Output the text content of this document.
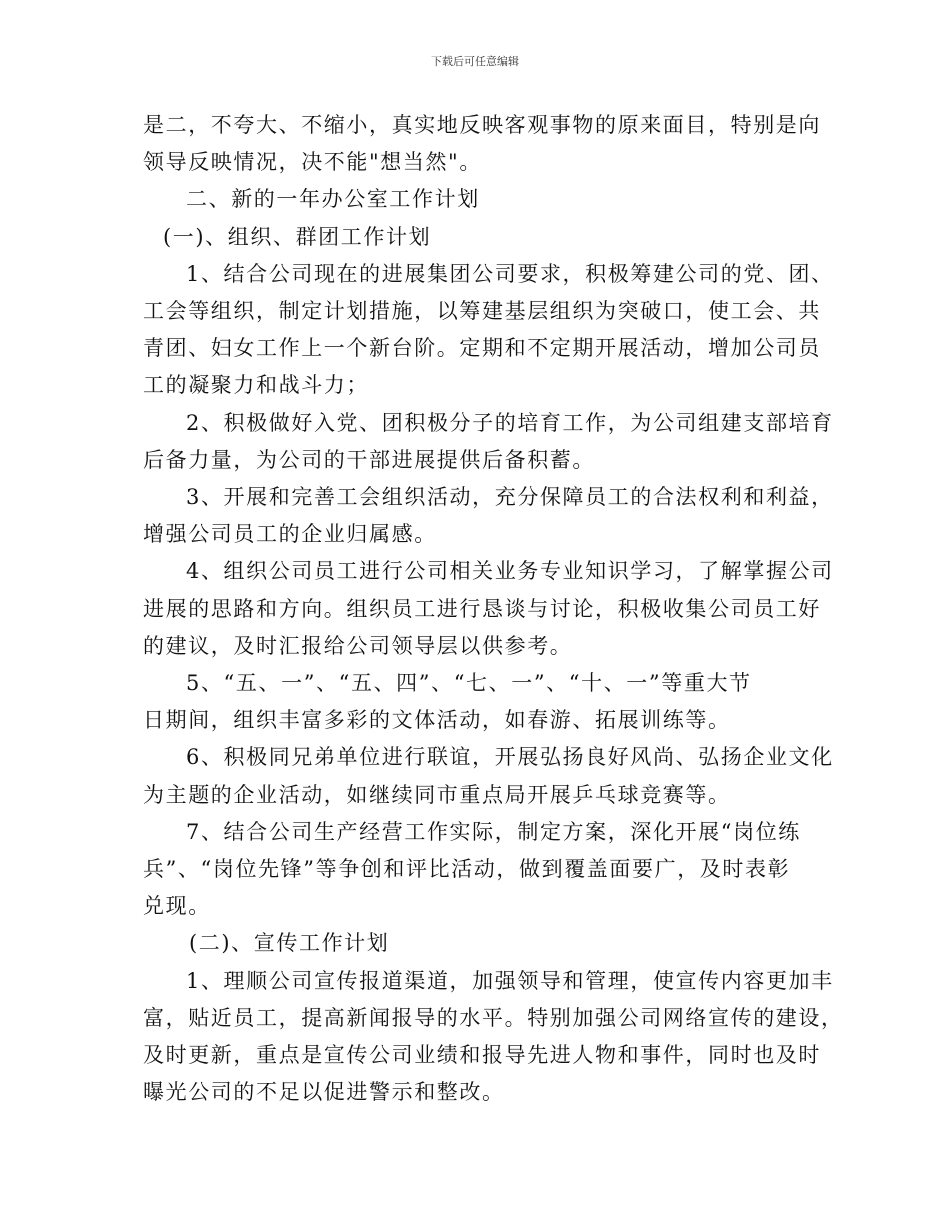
下载后可任意编辑

是二，不夸大、不缩小，真实地反映客观事物的原来面目，特别是向
领导反映情况，决不能"想当然"。

二、新的一年办公室工作计划

(一)、组织、群团工作计划

1、结合公司现在的进展集团公司要求，积极筹建公司的党、团、
工会等组织，制定计划措施，以筹建基层组织为突破口，使工会、共
青团、妇女工作上一个新台阶。定期和不定期开展活动，增加公司员
工的凝聚力和战斗力；

2、积极做好入党、团积极分子的培育工作，为公司组建支部培育
后备力量，为公司的干部进展提供后备积蓄。

3、开展和完善工会组织活动，充分保障员工的合法权利和利益，
增强公司员工的企业归属感。

4、组织公司员工进行公司相关业务专业知识学习，了解掌握公司
进展的思路和方向。组织员工进行恳谈与讨论，积极收集公司员工好
的建议，及时汇报给公司领导层以供参考。

5、“五、一”、“五、四”、“七、一”、“十、一”等重大节
日期间，组织丰富多彩的文体活动，如春游、拓展训练等。

6、积极同兄弟单位进行联谊，开展弘扬良好风尚、弘扬企业文化
为主题的企业活动，如继续同市重点局开展乒乓球竞赛等。

7、结合公司生产经营工作实际，制定方案，深化开展“岗位练
兵”、“岗位先锋”等争创和评比活动，做到覆盖面要广，及时表彰
兑现。

(二)、宣传工作计划

1、理顺公司宣传报道渠道，加强领导和管理，使宣传内容更加丰
富，贴近员工，提高新闻报导的水平。特别加强公司网络宣传的建设，
及时更新，重点是宣传公司业绩和报导先进人物和事件，同时也及时
曝光公司的不足以促进警示和整改。
